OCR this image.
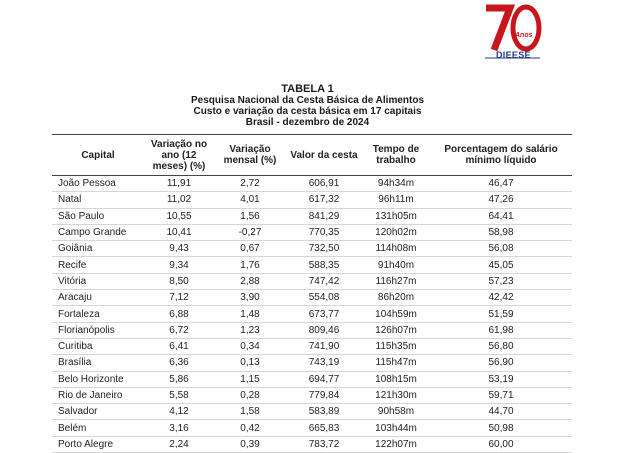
70
Anos
DIEESE
TABELA 1
Pesquisa Nacional da Cesta Básica de Alimentos
Custo e variação da cesta básica em 17 capitais
Brasil - dezembro de 2024
Capital	Variação no ano (12 meses) (%)	Variação mensal (%)	Valor da cesta	Tempo de trabalho	Porcentagem do salário mínimo líquido
João Pessoa	11,91	2,72	606,91	94h34m	46,47
Natal	11,02	4,01	617,32	96h11m	47,26
São Paulo	10,55	1,56	841,29	131h05m	64,41
Campo Grande	10,41	-0,27	770,35	120h02m	58,98
Goiânia	9,43	0,67	732,50	114h08m	56,08
Recife	9,34	1,76	588,35	91h40m	45,05
Vitória	8,50	2,88	747,42	116h27m	57,23
Aracaju	7,12	3,90	554,08	86h20m	42,42
Fortaleza	6,88	1,48	673,77	104h59m	51,59
Florianópolis	6,72	1,23	809,46	126h07m	61,98
Curitiba	6,41	0,34	741,90	115h35m	56,80
Brasília	6,36	0,13	743,19	115h47m	56,90
Belo Horizonte	5,86	1,15	694,77	108h15m	53,19
Rio de Janeiro	5,58	0,28	779,84	121h30m	59,71
Salvador	4,12	1,58	583,89	90h58m	44,70
Belém	3,16	0,42	665,83	103h44m	50,98
Porto Alegre	2,24	0,39	783,72	122h07m	60,00
